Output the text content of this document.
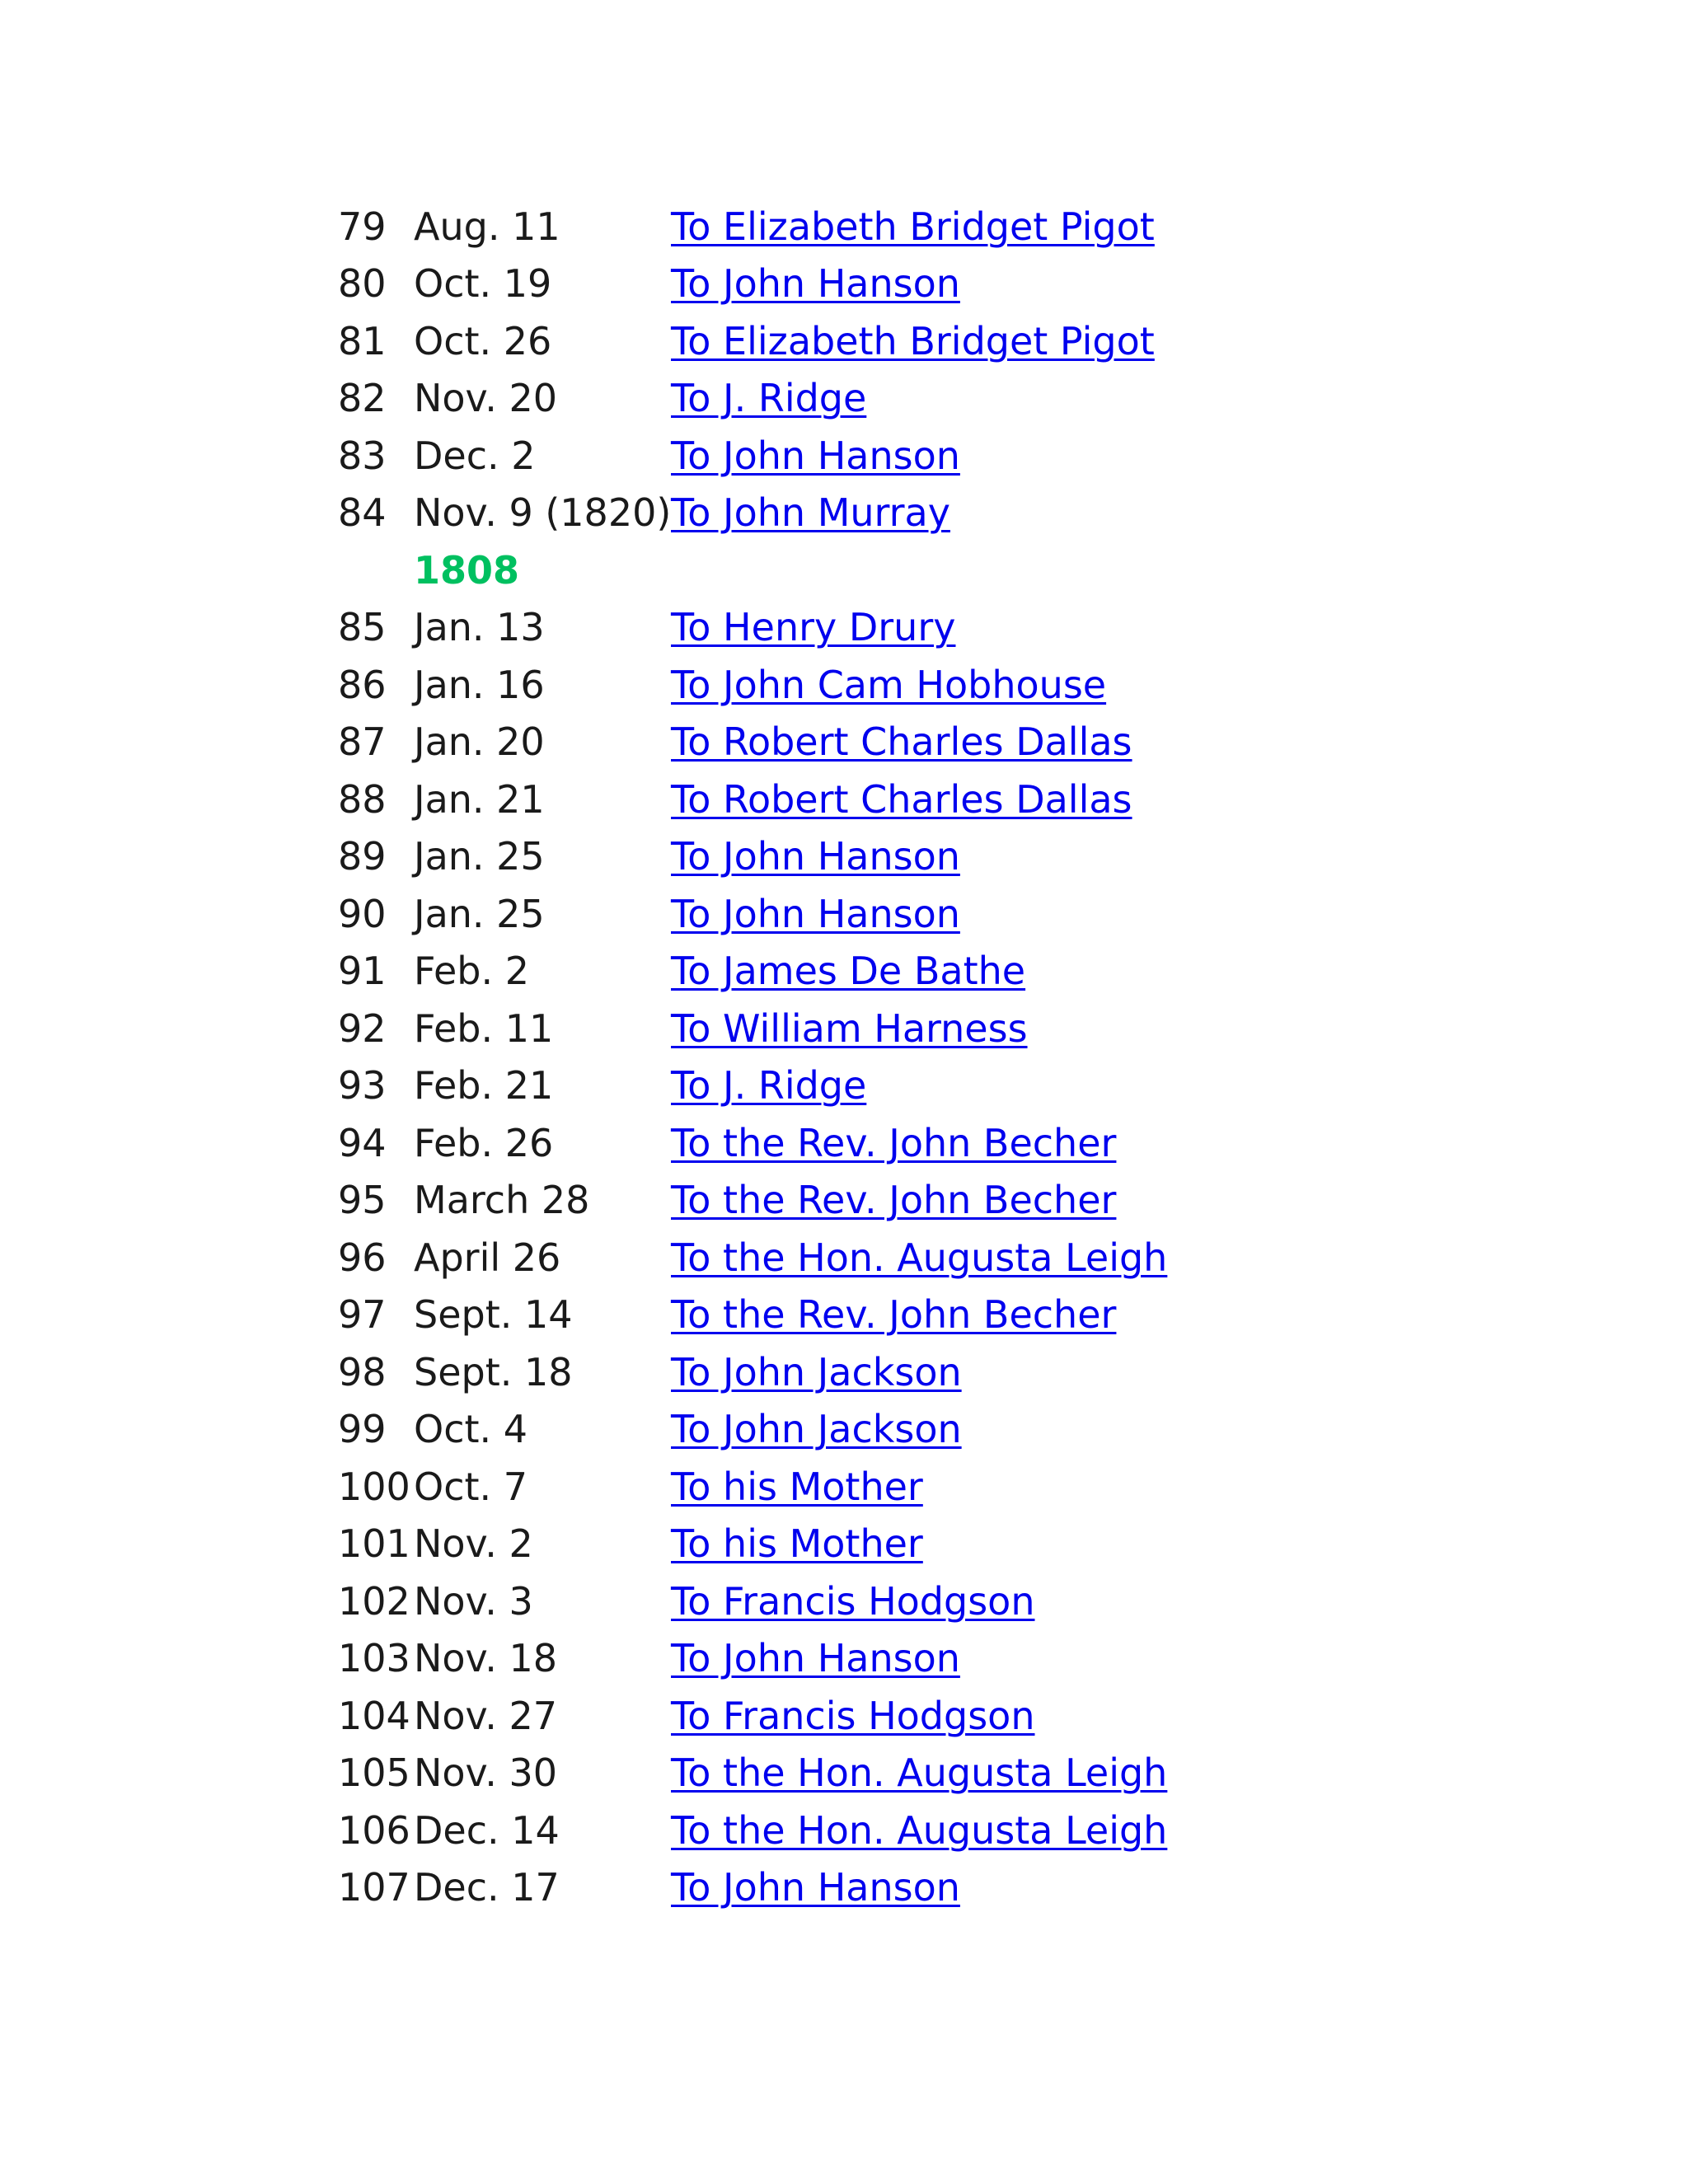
79 Aug. 11	To Elizabeth Bridget Pigot
80 Oct. 19	To John Hanson
81 Oct. 26	To Elizabeth Bridget Pigot
82 Nov. 20	To J. Ridge
83 Dec. 2	To John Hanson
84 Nov. 9 (1820) To John Murray
1808
85 Jan. 13	To Henry Drury
86 Jan. 16	To John Cam Hobhouse
87 Jan. 20	To Robert Charles Dallas
88 Jan. 21	To Robert Charles Dallas
89 Jan. 25	To John Hanson
90 Jan. 25	To John Hanson
91 Feb. 2	To James De Bathe
92 Feb. 11	To William Harness
93 Feb. 21	To J. Ridge
94 Feb. 26	To the Rev. John Becher
95 March 28	To the Rev. John Becher
96 April 26	To the Hon. Augusta Leigh
97 Sept. 14	To the Rev. John Becher
98 Sept. 18	To John Jackson
99 Oct. 4	To John Jackson
100 Oct. 7	To his Mother
101 Nov. 2	To his Mother
102 Nov. 3	To Francis Hodgson
103 Nov. 18	To John Hanson
104 Nov. 27	To Francis Hodgson
105 Nov. 30	To the Hon. Augusta Leigh
106 Dec. 14	To the Hon. Augusta Leigh
107 Dec. 17	To John Hanson
